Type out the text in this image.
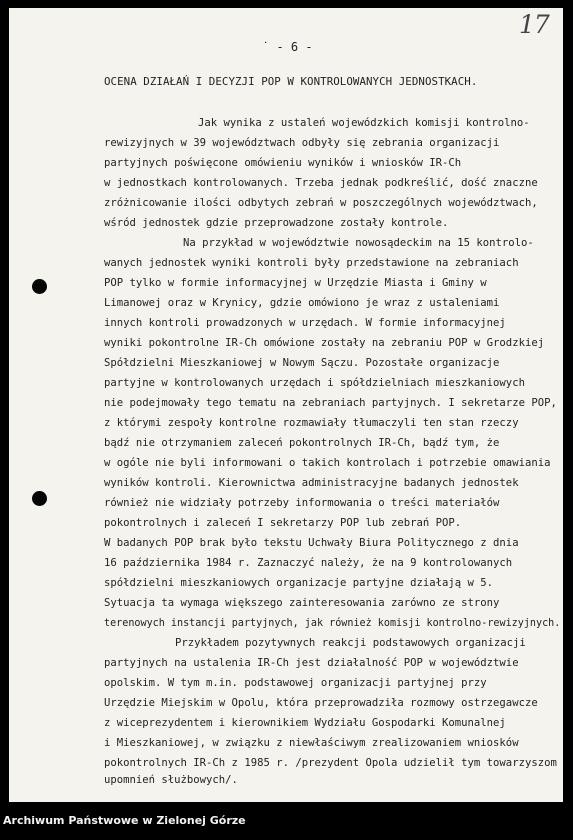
17
˙ - 6 -
OCENA DZIAŁAŃ I DECYZJI POP W KONTROLOWANYCH JEDNOSTKACH.
Jak wynika z ustaleń wojewódzkich komisji kontrolno-
rewizyjnych w 39 województwach odbyły się zebrania organizacji
partyjnych poświęcone omówieniu wyników i wniosków IR-Ch
w jednostkach kontrolowanych. Trzeba jednak podkreślić, dość znaczne
zróżnicowanie ilości odbytych zebrań w poszczególnych województwach,
wśród jednostek gdzie przeprowadzone zostały kontrole.
Na przykład w województwie nowosądeckim na 15 kontrolo-
wanych jednostek wyniki kontroli były przedstawione na zebraniach
POP tylko w formie informacyjnej w Urzędzie Miasta i Gminy w
Limanowej oraz w Krynicy, gdzie omówiono je wraz z ustaleniami
innych kontroli prowadzonych w urzędach. W formie informacyjnej
wyniki pokontrolne IR-Ch omówione zostały na zebraniu POP w Grodzkiej
Spółdzielni Mieszkaniowej w Nowym Sączu. Pozostałe organizacje
partyjne w kontrolowanych urzędach i spółdzielniach mieszkaniowych
nie podejmowały tego tematu na zebraniach partyjnych. I sekretarze POP,
z którymi zespoły kontrolne rozmawiały tłumaczyli ten stan rzeczy
bądź nie otrzymaniem zaleceń pokontrolnych IR-Ch, bądź tym, że
w ogóle nie byli informowani o takich kontrolach i potrzebie omawiania
wyników kontroli. Kierownictwa administracyjne badanych jednostek
również nie widziały potrzeby informowania o treści materiałów
pokontrolnych i zaleceń I sekretarzy POP lub zebrań POP.
W badanych POP brak było tekstu Uchwały Biura Politycznego z dnia
16 października 1984 r. Zaznaczyć należy, że na 9 kontrolowanych
spółdzielni mieszkaniowych organizacje partyjne działają w 5.
Sytuacja ta wymaga większego zainteresowania zarówno ze strony
terenowych instancji partyjnych, jak również komisji kontrolno-rewizyjnych.
Przykładem pozytywnych reakcji podstawowych organizacji
partyjnych na ustalenia IR-Ch jest działalność POP w województwie
opolskim. W tym m.in. podstawowej organizacji partyjnej przy
Urzędzie Miejskim w Opolu, która przeprowadziła rozmowy ostrzegawcze
z wiceprezydentem i kierownikiem Wydziału Gospodarki Komunalnej
i Mieszkaniowej, w związku z niewłaściwym zrealizowaniem wniosków
pokontrolnych IR-Ch z 1985 r. /prezydent Opola udzielił tym towarzyszom
upomnień służbowych/.
Archiwum Państwowe w Zielonej Górze
